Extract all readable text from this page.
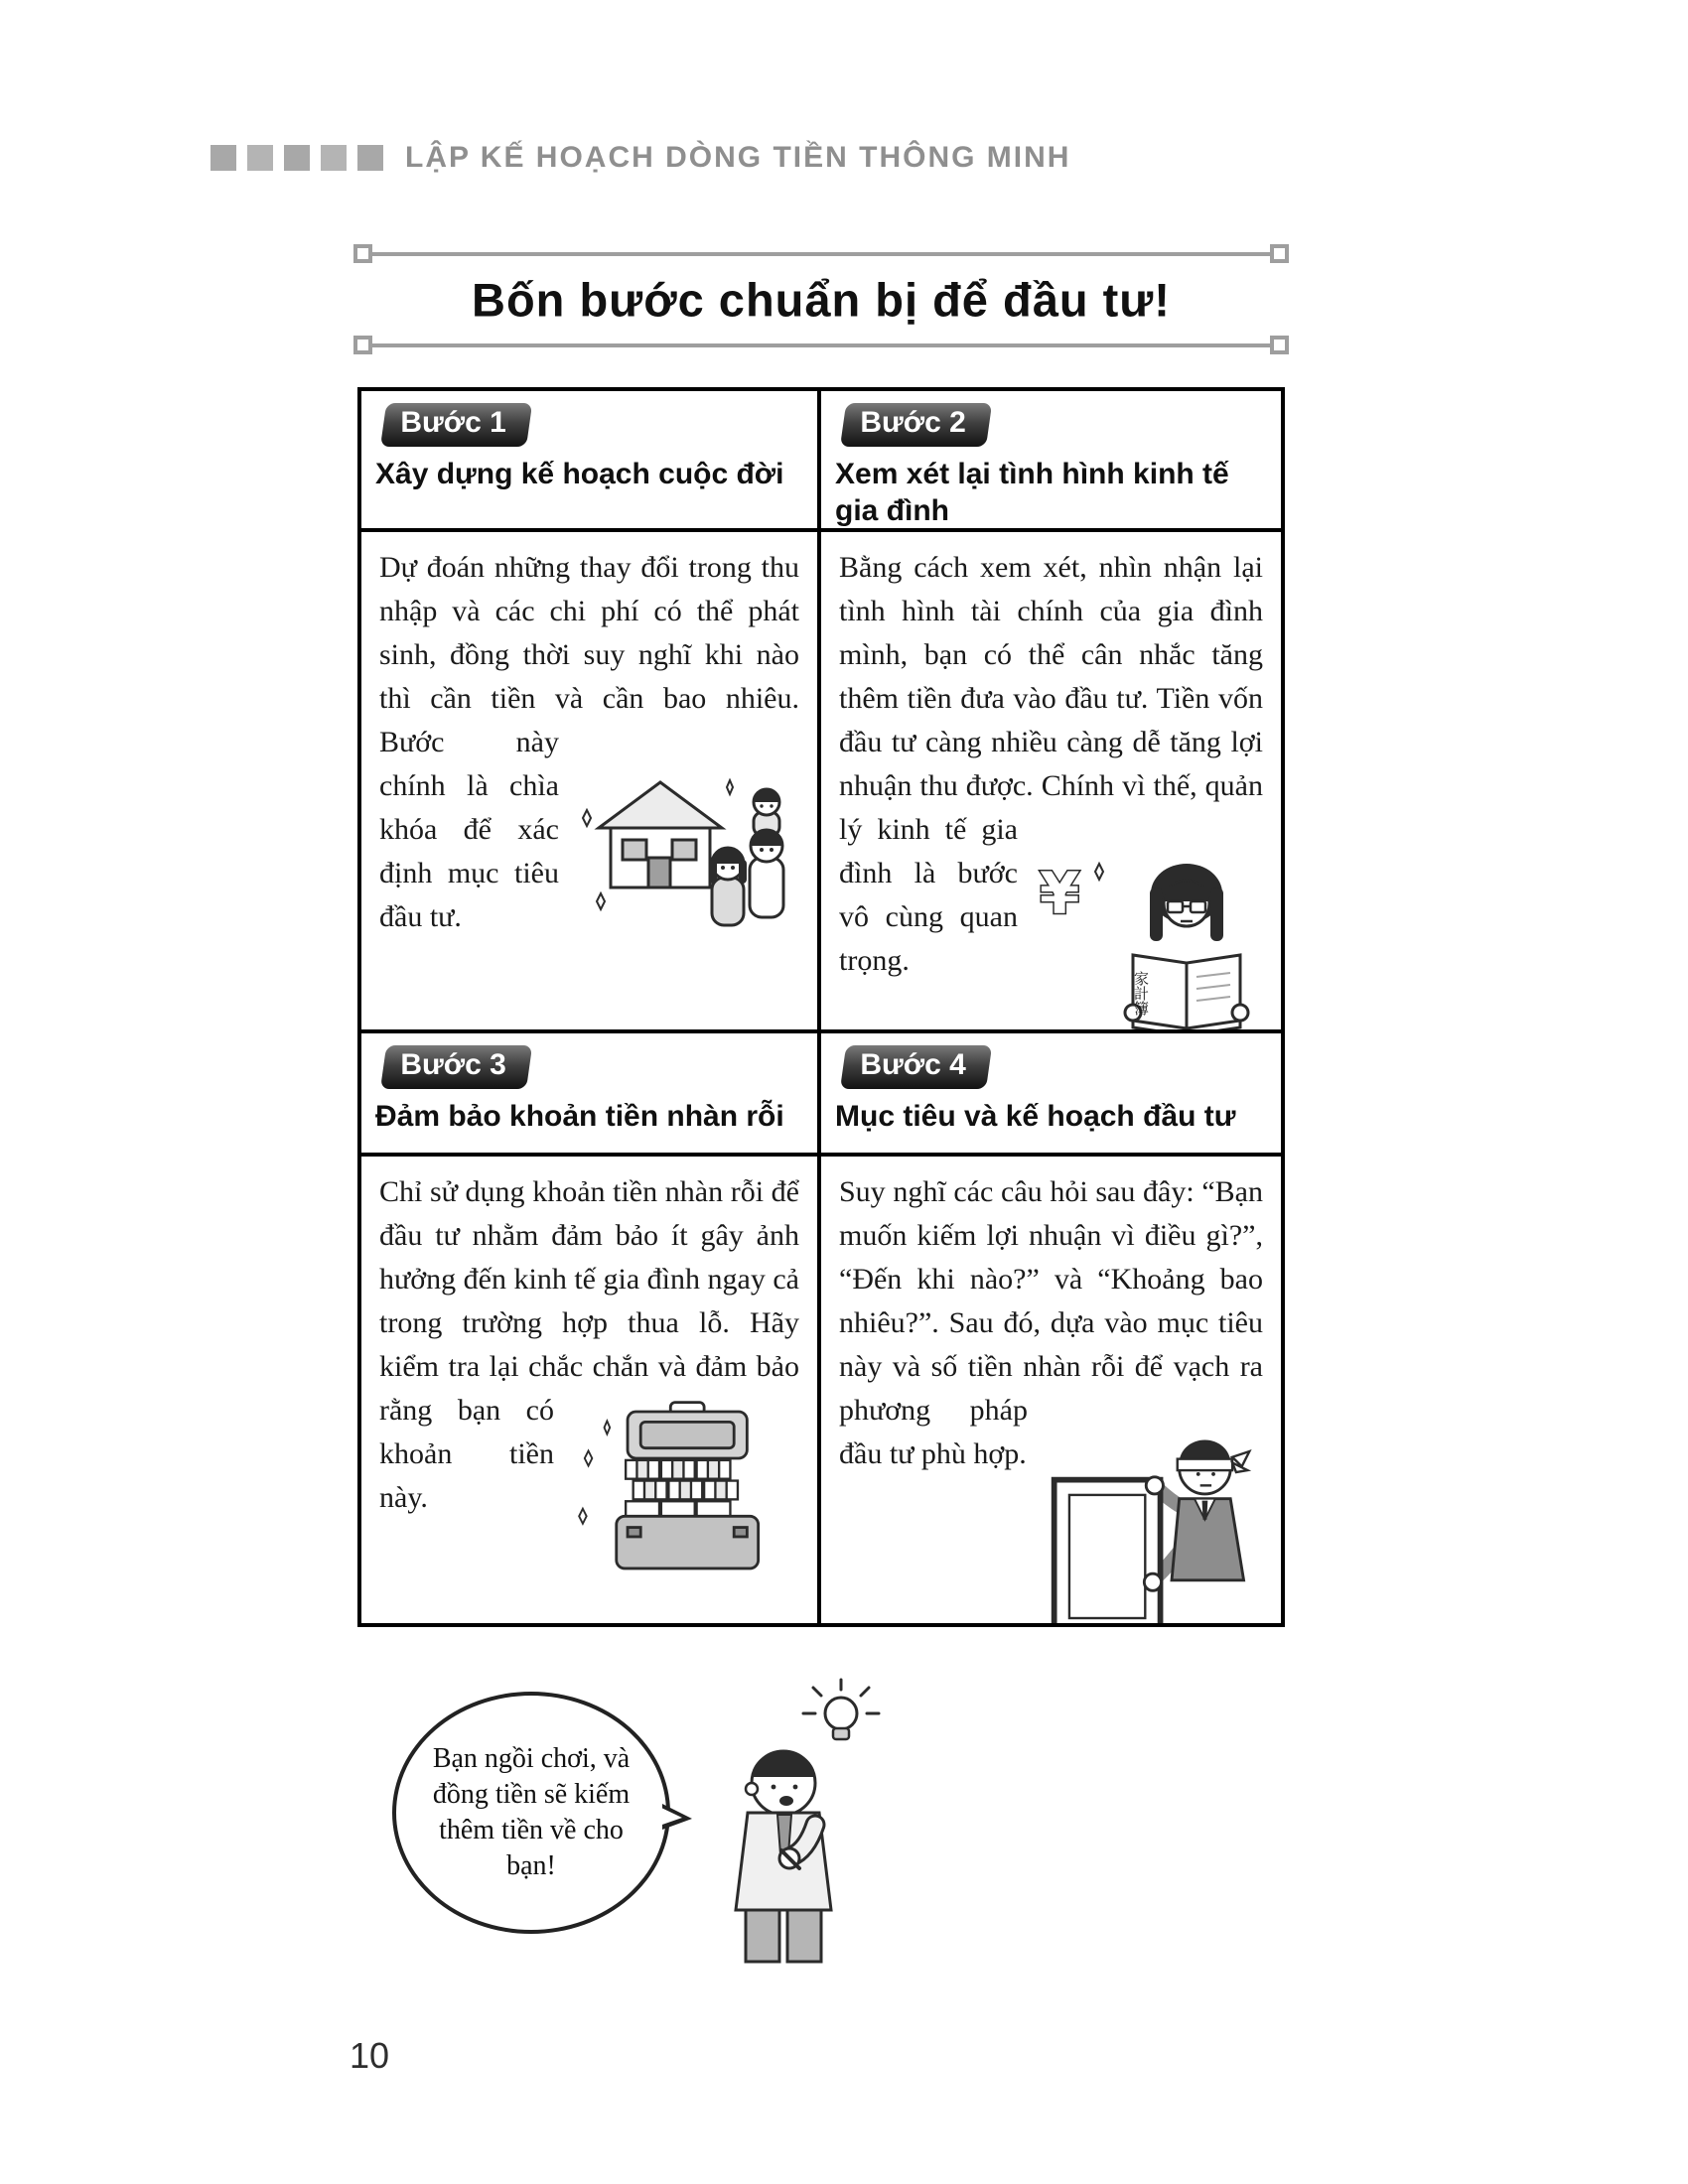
LẬP KẾ HOẠCH DÒNG TIỀN THÔNG MINH
Bốn bước chuẩn bị để đầu tư!
Bước 1
Xây dựng kế hoạch cuộc đời
Bước 2
Xem xét lại tình hình kinh tế gia đình
Dự đoán những thay đổi trong thu nhập và các chi phí có thể phát sinh, đồng thời suy nghĩ khi nào thì cần tiền và cần bao nhiêu. Bước này chính là chìa khóa để xác định mục tiêu đầu tư.	¥
家計簿
Bằng cách xem xét, nhìn nhận lại tình hình tài chính của gia đình mình, bạn có thể cân nhắc tăng thêm tiền đưa vào đầu tư. Tiền vốn đầu tư càng nhiều càng dễ tăng lợi nhuận thu được. Chính vì thế, quản lý kinh tế gia đình là bước vô cùng quan trọng.
Bước 3
Đảm bảo khoản tiền nhàn rỗi
Bước 4
Mục tiêu và kế hoạch đầu tư
Chỉ sử dụng khoản tiền nhàn rỗi để đầu tư nhằm đảm bảo ít gây ảnh hưởng đến kinh tế gia đình ngay cả trong trường hợp thua lỗ. Hãy kiểm tra lại chắc chắn và đảm bảo rằng bạn có khoản tiền này.
Suy nghĩ các câu hỏi sau đây: “Bạn muốn kiếm lợi nhuận vì điều gì?”, “Đến khi nào?” và “Khoảng bao nhiêu?”. Sau đó, dựa vào mục tiêu này và số tiền nhàn rỗi để vạch ra phương pháp đầu tư phù hợp.
Bạn ngồi chơi, và đồng tiền sẽ kiếm thêm tiền về cho bạn!
10
